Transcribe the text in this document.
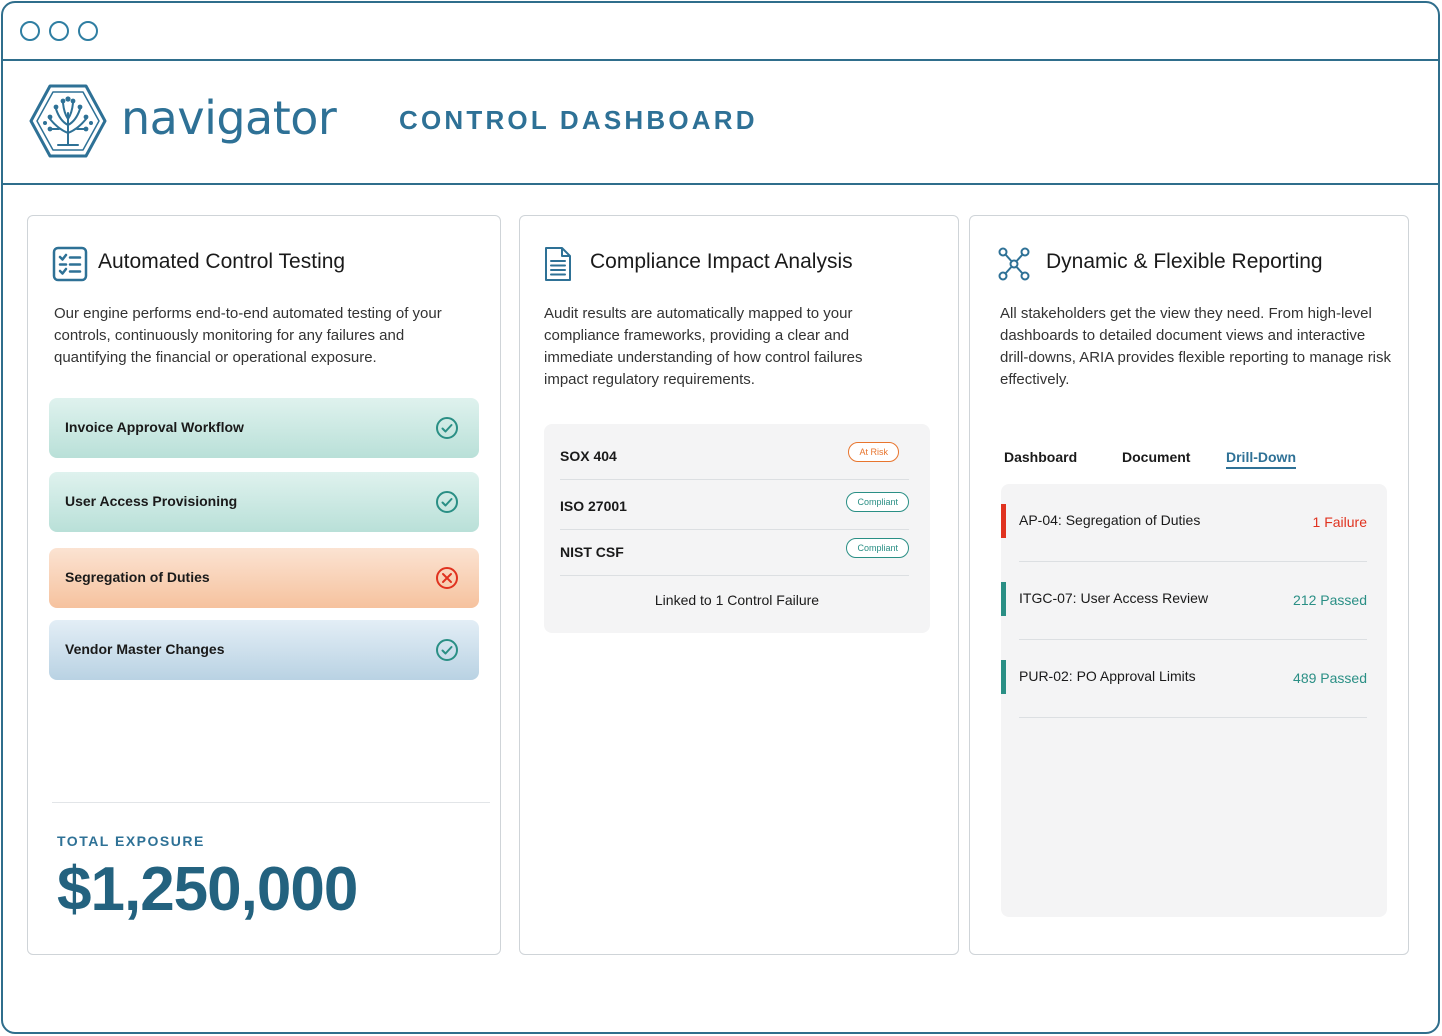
navigator CONTROL DASHBOARD
Automated Control Testing

Our engine performs end-to-end automated testing of your controls, continuously monitoring for any failures and quantifying the financial or operational exposure.

Invoice Approval Workflow
User Access Provisioning
Segregation of Duties
Vendor Master Changes
TOTAL EXPOSURE
$1,250,000
Compliance Impact Analysis

Audit results are automatically mapped to your compliance frameworks, providing a clear and immediate understanding of how control failures impact regulatory requirements.

SOX 404	At Risk
ISO 27001	Compliant
NIST CSF	Compliant
Linked to 1 Control Failure
Dynamic & Flexible Reporting

All stakeholders get the view they need. From high-level dashboards to detailed document views and interactive drill-downs, ARIA provides flexible reporting to manage risk effectively.

Dashboard	Document	Drill-Down
AP-04: Segregation of Duties	1 Failure
ITGC-07: User Access Review	212 Passed
PUR-02: PO Approval Limits	489 Passed
